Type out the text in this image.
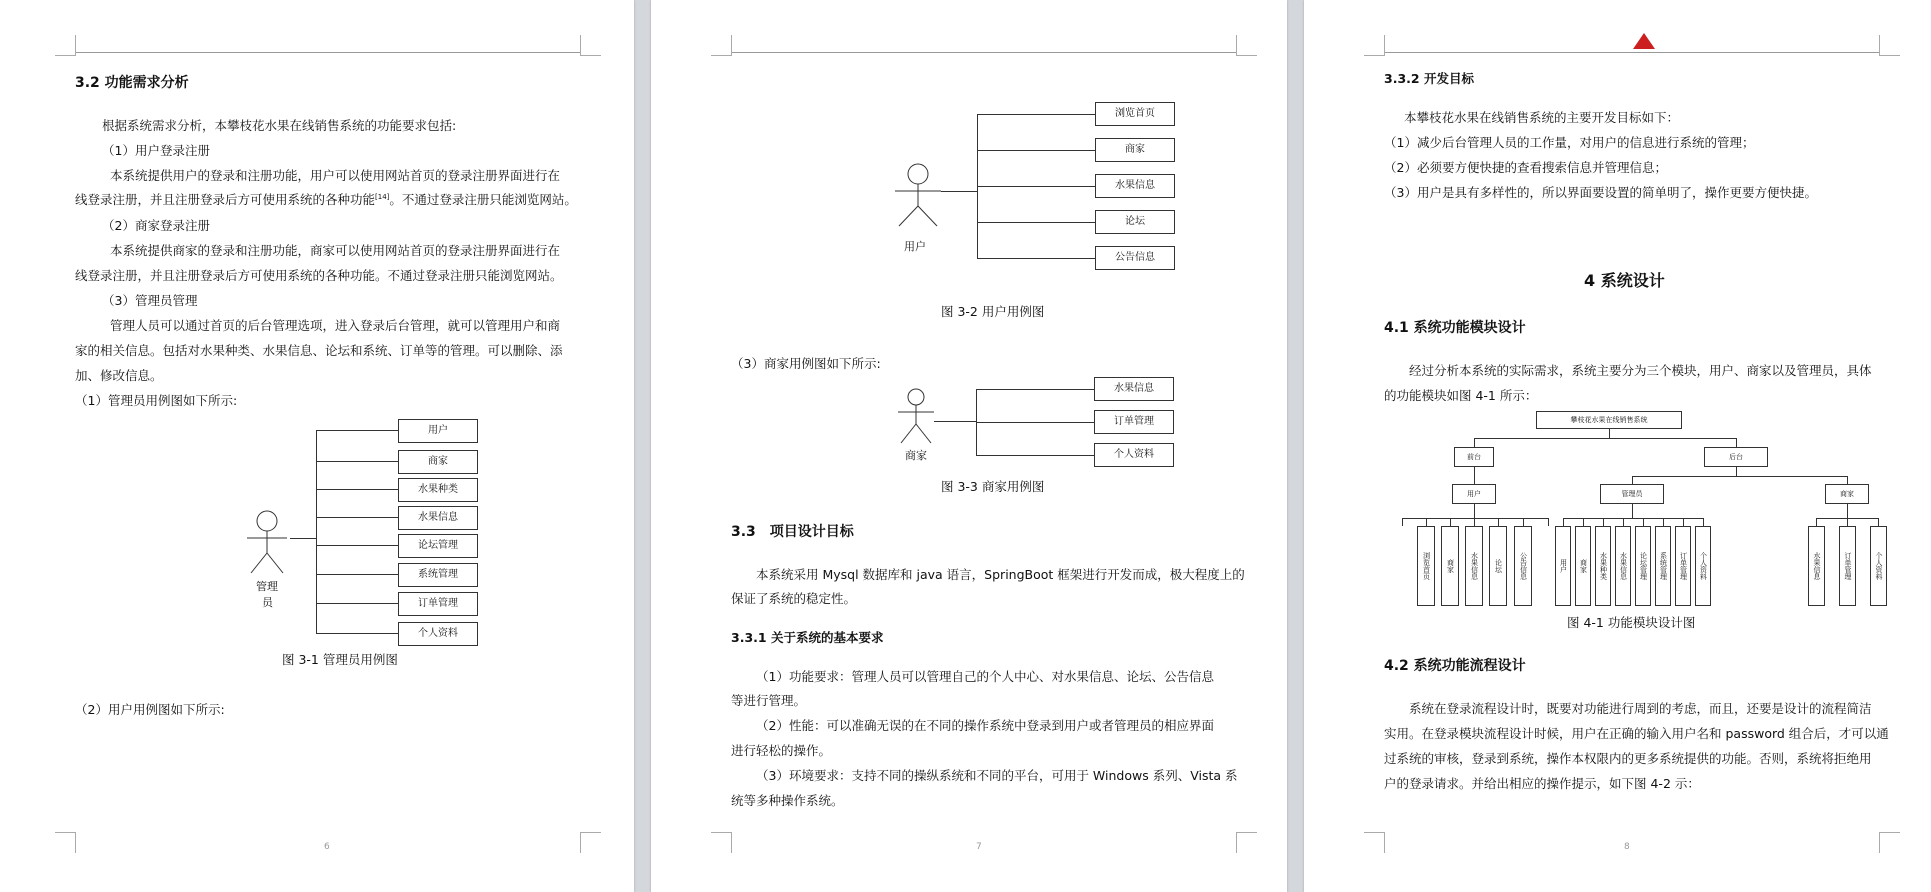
3.2 功能需求分析
根据系统需求分析，本攀枝花水果在线销售系统的功能要求包括:
（1）用户登录注册
本系统提供用户的登录和注册功能，用户可以使用网站首页的登录注册界面进行在
线登录注册，并且注册登录后方可使用系统的各种功能[14]。不通过登录注册只能浏览网站。
（2）商家登录注册
本系统提供商家的登录和注册功能，商家可以使用网站首页的登录注册界面进行在
线登录注册，并且注册登录后方可使用系统的各种功能。不通过登录注册只能浏览网站。
（3）管理员管理
管理人员可以通过首页的后台管理选项，进入登录后台管理，就可以管理用户和商
家的相关信息。包括对水果种类、水果信息、论坛和系统、订单等的管理。可以删除、添
加、修改信息。
（1）管理员用例图如下所示:
管理
员
用户
商家
水果种类
水果信息
论坛管理
系统管理
订单管理
个人资料
图 3-1 管理员用例图
（2）用户用例图如下所示:
6
用户
浏览首页
商家
水果信息
论坛
公告信息
图 3-2 用户用例图
（3）商家用例图如下所示:
商家
水果信息
订单管理
个人资料
图 3-3 商家用例图
3.3　项目设计目标
本系统采用 Mysql 数据库和 java 语言，SpringBoot 框架进行开发而成，极大程度上的
保证了系统的稳定性。
3.3.1 关于系统的基本要求
（1）功能要求：管理人员可以管理自己的个人中心、对水果信息、论坛、公告信息
等进行管理。
（2）性能：可以准确无误的在不同的操作系统中登录到用户或者管理员的相应界面
进行轻松的操作。
（3）环境要求：支持不同的操纵系统和不同的平台，可用于 Windows 系列、Vista 系
统等多种操作系统。
7
3.3.2 开发目标
本攀枝花水果在线销售系统的主要开发目标如下：
（1）减少后台管理人员的工作量，对用户的信息进行系统的管理；
（2）必须要方便快捷的查看搜索信息并管理信息；
（3）用户是具有多样性的，所以界面要设置的简单明了，操作更要方便快捷。
4 系统设计
4.1 系统功能模块设计
经过分析本系统的实际需求，系统主要分为三个模块，用户、商家以及管理员，具体
的功能模块如图 4-1 所示：
攀枝花水果在线销售系统
前台	后台
用户	管理员	商家
浏览首页	商家	水果信息	论坛	公告信息	用户	商家	水果种类	水果信息	论坛管理	系统管理	订单管理	个人资料	水果信息	订单管理	个人资料
图 4-1 功能模块设计图
4.2 系统功能流程设计
系统在登录流程设计时，既要对功能进行周到的考虑，而且，还要是设计的流程简洁
实用。在登录模块流程设计时候，用户在正确的输入用户名和 password 组合后，才可以通
过系统的审核，登录到系统，操作本权限内的更多系统提供的功能。否则，系统将拒绝用
户的登录请求。并给出相应的操作提示，如下图 4-2 示：
8
